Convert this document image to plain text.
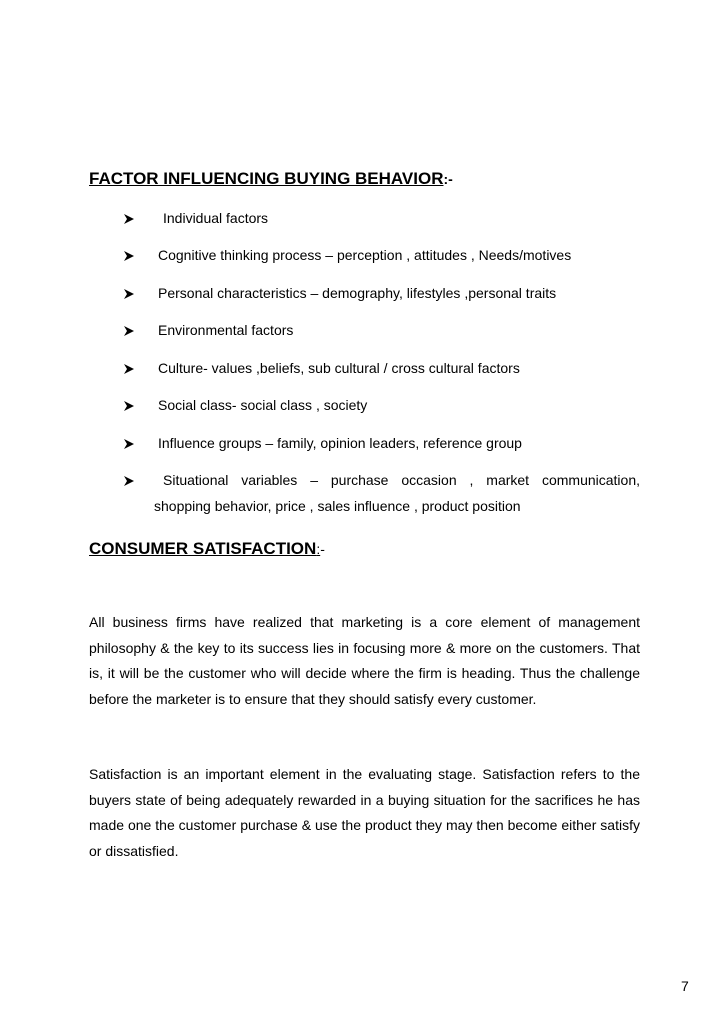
FACTOR INFLUENCING BUYING BEHAVIOR:-
Individual factors
Cognitive thinking process – perception , attitudes , Needs/motives
Personal characteristics – demography, lifestyles ,personal traits
Environmental factors
Culture- values ,beliefs, sub cultural / cross cultural factors
Social class- social class , society
Influence groups – family, opinion leaders, reference group
Situational variables – purchase occasion , market communication,
shopping behavior, price , sales influence , product position
CONSUMER SATISFACTION:-
All business firms have realized that marketing is a core element of management philosophy & the key to its success lies in focusing more & more on the customers. That is, it will be the customer who will decide where the firm is heading. Thus the challenge before the marketer is to ensure that they should satisfy every customer.
Satisfaction is an important element in the evaluating stage. Satisfaction refers to the buyers state of being adequately rewarded in a buying situation for the sacrifices he has made one the customer purchase & use the product they may then become either satisfy or dissatisfied.
7
